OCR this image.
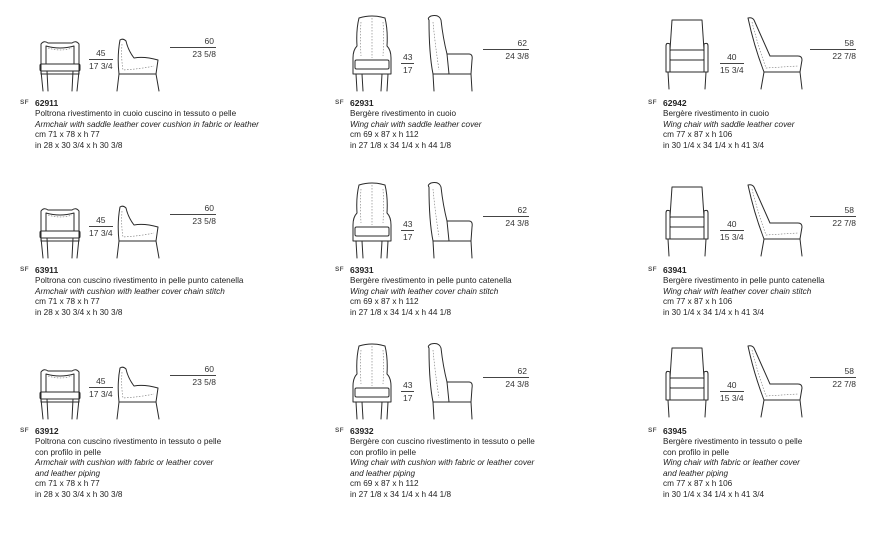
45
17 3/4
60
23 5/8
SF 62911
Poltrona rivestimento in cuoio cuscino in tessuto o pelle
Armchair with saddle leather cover cushion in fabric or leather
cm 71 x 78 x h 77
in 28 x 30 3/4 x h 30 3/8
43
17
62
24 3/8
SF 62931
Bergère rivestimento in cuoio
Wing chair with saddle leather cover
cm 69 x 87 x h 112
in 27 1/8 x 34 1/4 x h 44 1/8
40
15 3/4
58
22 7/8
SF 62942
Bergère rivestimento in cuoio
Wing chair with saddle leather cover
cm 77 x 87 x h 106
in 30 1/4 x 34 1/4 x h 41 3/4
45
17 3/4
60
23 5/8
SF 63911
Poltrona con cuscino rivestimento in pelle punto catenella
Armchair with cushion with leather cover chain stitch
cm 71 x 78 x h 77
in 28 x 30 3/4 x h 30 3/8
43
17
62
24 3/8
SF 63931
Bergère rivestimento in pelle punto catenella
Wing chair with leather cover chain stitch
cm 69 x 87 x h 112
in 27 1/8 x 34 1/4 x h 44 1/8
40
15 3/4
58
22 7/8
SF 63941
Bergère rivestimento in pelle punto catenella
Wing chair with leather cover chain stitch
cm 77 x 87 x h 106
in 30 1/4 x 34 1/4 x h 41 3/4
45
17 3/4
60
23 5/8
SF 63912
Poltrona con cuscino rivestimento in tessuto o pelle
con profilo in pelle
Armchair with cushion with fabric or leather cover
and leather piping
cm 71 x 78 x h 77
in 28 x 30 3/4 x h 30 3/8
43
17
62
24 3/8
SF 63932
Bergère con cuscino rivestimento in tessuto o pelle
con profilo in pelle
Wing chair with cushion with fabric or leather cover
and leather piping
cm 69 x 87 x h 112
in 27 1/8 x 34 1/4 x h 44 1/8
40
15 3/4
58
22 7/8
SF 63945
Bergère rivestimento in tessuto o pelle
con profilo in pelle
Wing chair with fabric or leather cover
and leather piping
cm 77 x 87 x h 106
in 30 1/4 x 34 1/4 x h 41 3/4
